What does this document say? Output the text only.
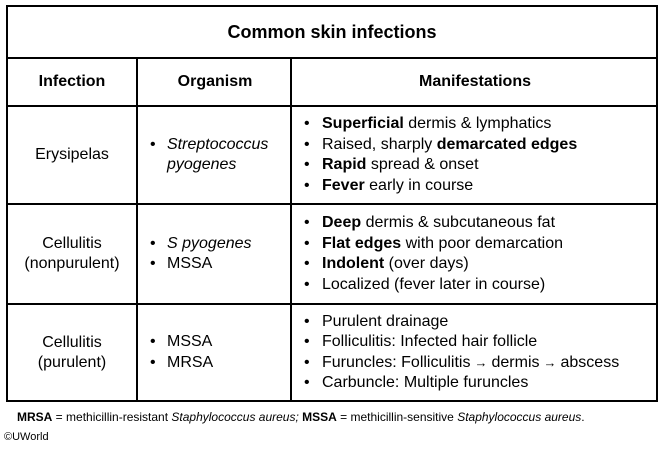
Common skin infections
Infection	Organism	Manifestations
Erysipelas
• Streptococcus
pyogenes
• Superficial dermis & lymphatics
• Raised, sharply demarcated edges
• Rapid spread & onset
• Fever early in course
Cellulitis
(nonpurulent)
• S pyogenes
• MSSA
• Deep dermis & subcutaneous fat
• Flat edges with poor demarcation
• Indolent (over days)
• Localized (fever later in course)
Cellulitis
(purulent)
• MSSA
• MRSA
• Purulent drainage
• Folliculitis: Infected hair follicle
• Furuncles: Folliculitis → dermis → abscess
• Carbuncle: Multiple furuncles
MRSA = methicillin-resistant Staphylococcus aureus; MSSA = methicillin-sensitive Staphylococcus aureus.
©UWorld
